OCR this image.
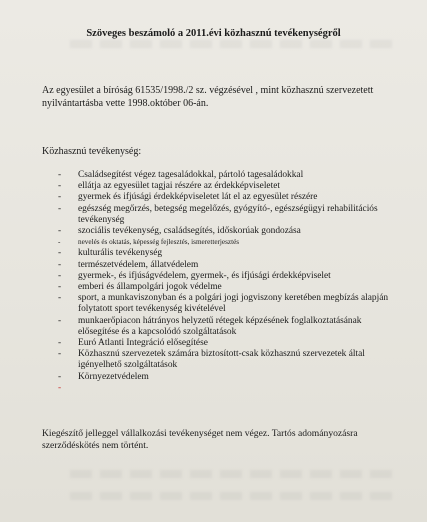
Szöveges beszámoló a 2011.évi közhasznú tevékenységről

Az egyesület a bíróság 61535/1998./2 sz. végzésével , mint közhasznú szervezetett nyilvántartásba vette 1998.október 06-án.

Közhasznú tevékenység:

- Családsegítést végez tagesaládokkal, pártoló tagesaládokkal
- ellátja az egyesület tagjai részére az érdekképviseletet
- gyermek és ifjúsági érdekképviseletet lát el az egyesület részére
- egészség megőrzés, betegség megelőzés, gyógyító-, egészségügyi rehabilitációs tevékenység
- szociális tevékenység, családsegítés, időskorúak gondozása
- nevelés és oktatás, képesség fejlesztés, ismeretterjesztés
- kulturális tevékenység
- természetvédelem, állatvédelem
- gyermek-, és ifjúságvédelem, gyermek-, és ifjúsági érdekképviselet
- emberi és állampolgári jogok védelme
- sport, a munkaviszonyban és a polgári jogi jogviszony keretében megbízás alapján folytatott sport tevékenység kivételével
- munkaerőpiacon hátrányos helyzetű rétegek képzésének foglalkoztatásának elősegítése és a kapcsolódó szolgáltatások
- Euró Atlanti Integráció elősegítése
- Közhasznú szervezetek számára biztosított-csak közhasznú szervezetek által igényelhető szolgáltatások
- Környezetvédelem
-

Kiegészítő jelleggel vállalkozási tevékenységet nem végez. Tartós adományozásra szerződéskötés nem történt.
